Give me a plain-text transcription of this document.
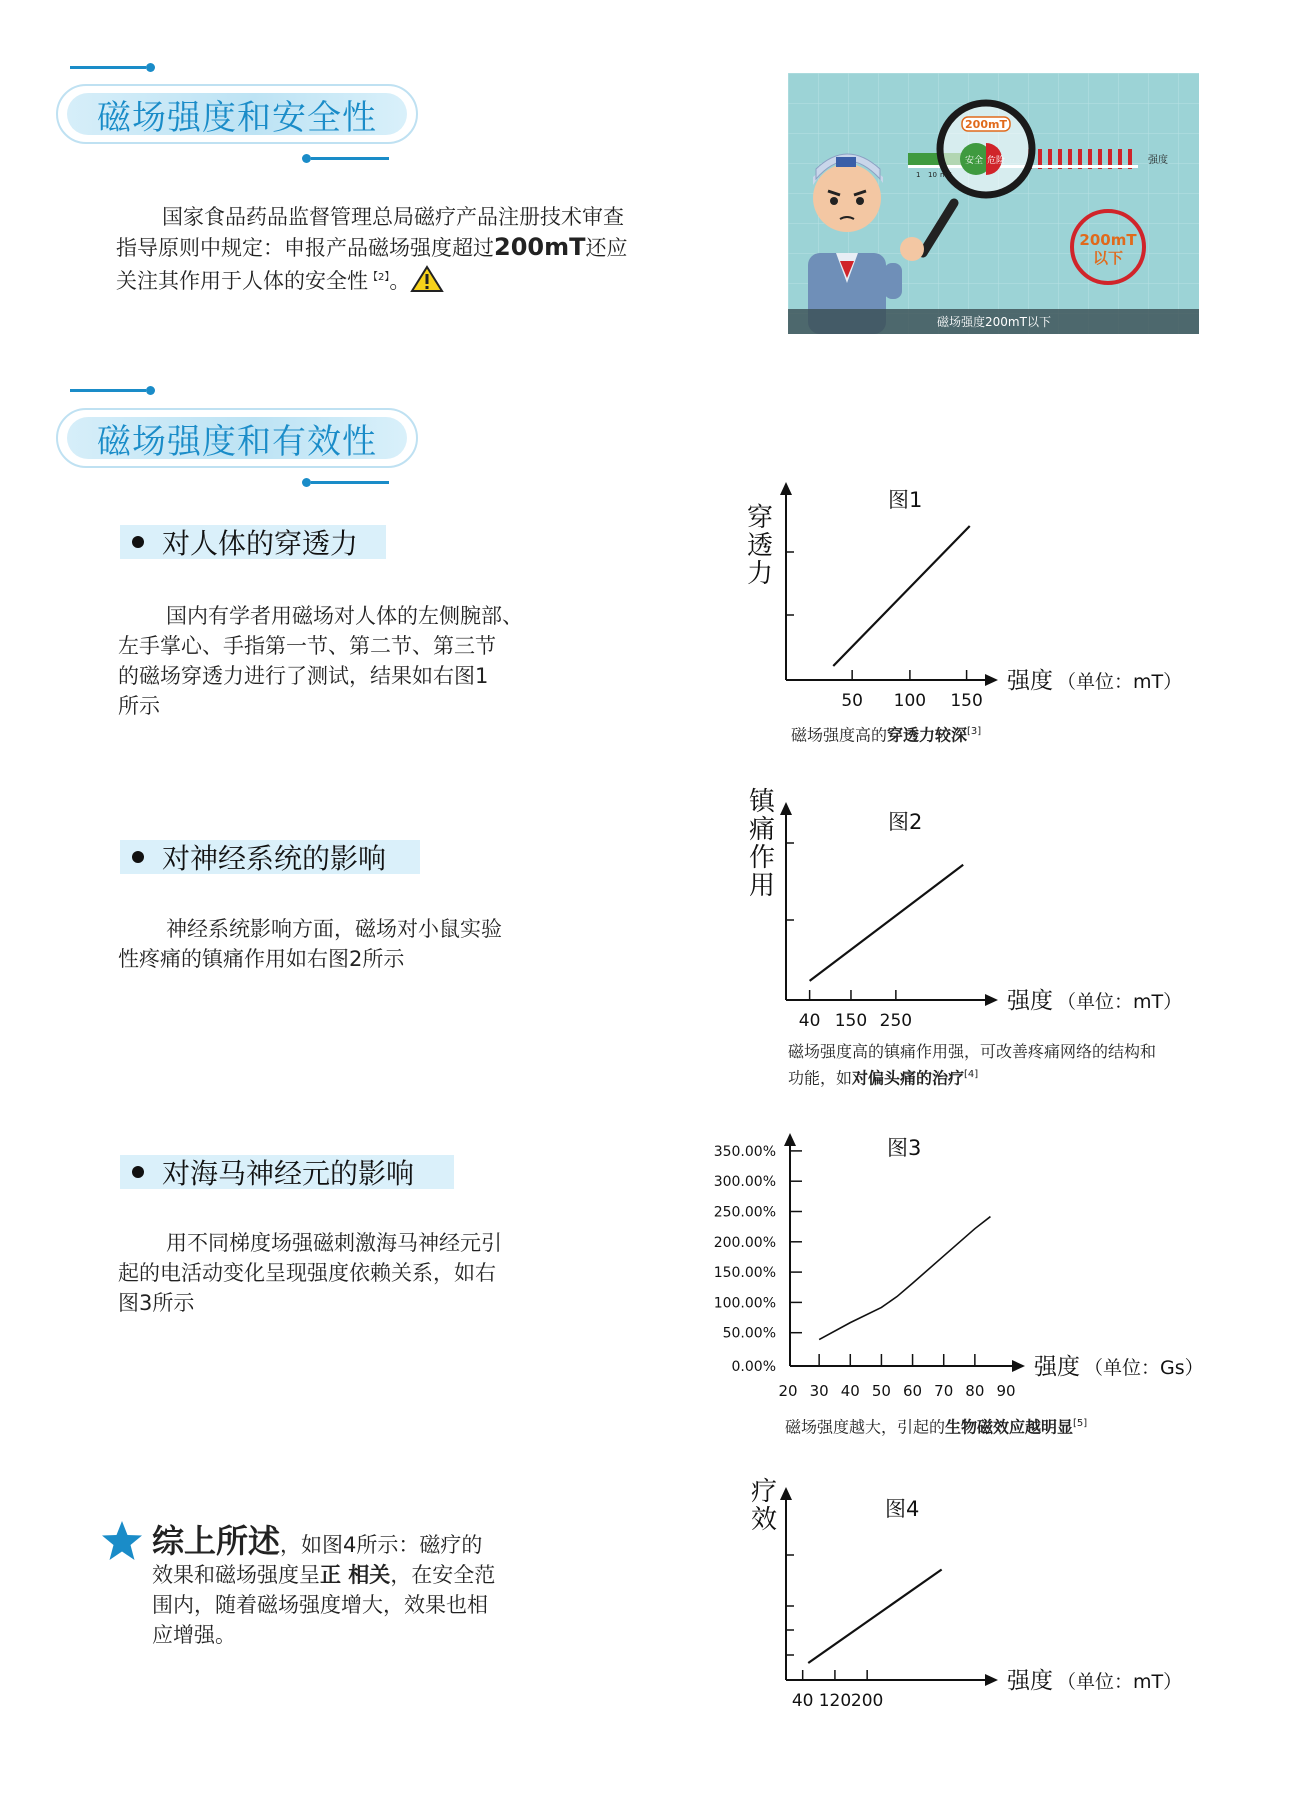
磁场强度和安全性
国家食品药品监督管理总局磁疗产品注册技术审查
指导原则中规定：申报产品磁场强度超过200mT还应
关注其作用于人体的安全性$^{【2】}$。
200mT
安全 危险	强度
1 10 mT
200mT
以下
磁场强度200mT以下
磁场强度和有效性
对人体的穿透力
国内有学者用磁场对人体的左侧腕部、
左手掌心、手指第一节、第二节、第三节
的磁场穿透力进行了测试，结果如右图1
所示
对神经系统的影响
神经系统影响方面，磁场对小鼠实验
性疼痛的镇痛作用如右图2所示
对海马神经元的影响
用不同梯度场强磁刺激海马神经元引
起的电活动变化呈现强度依赖关系，如右
图3所示
综上所述，如图4所示：磁疗的
效果和磁场强度呈正 相关，在安全范
围内，随着磁场强度增大，效果也相
应增强。
强度 （单位：mT）
图1
50 100 150
穿
透
力
磁场强度高的穿透力较深[3]
强度 （单位：mT）
图2
40 150 250
镇
痛
作
用
磁场强度高的镇痛作用强，可改善疼痛网络的结构和
功能，如对偏头痛的治疗[4]
强度 （单位：Gs）
图3
0.00%
50.00%
100.00%
150.00%
200.00%
250.00%
300.00%
350.00%
20 30 40 50 60 70 80 90
磁场强度越大，引起的生物磁效应越明显[5]
强度 （单位：mT）
图4
40 120 200
疗
效
